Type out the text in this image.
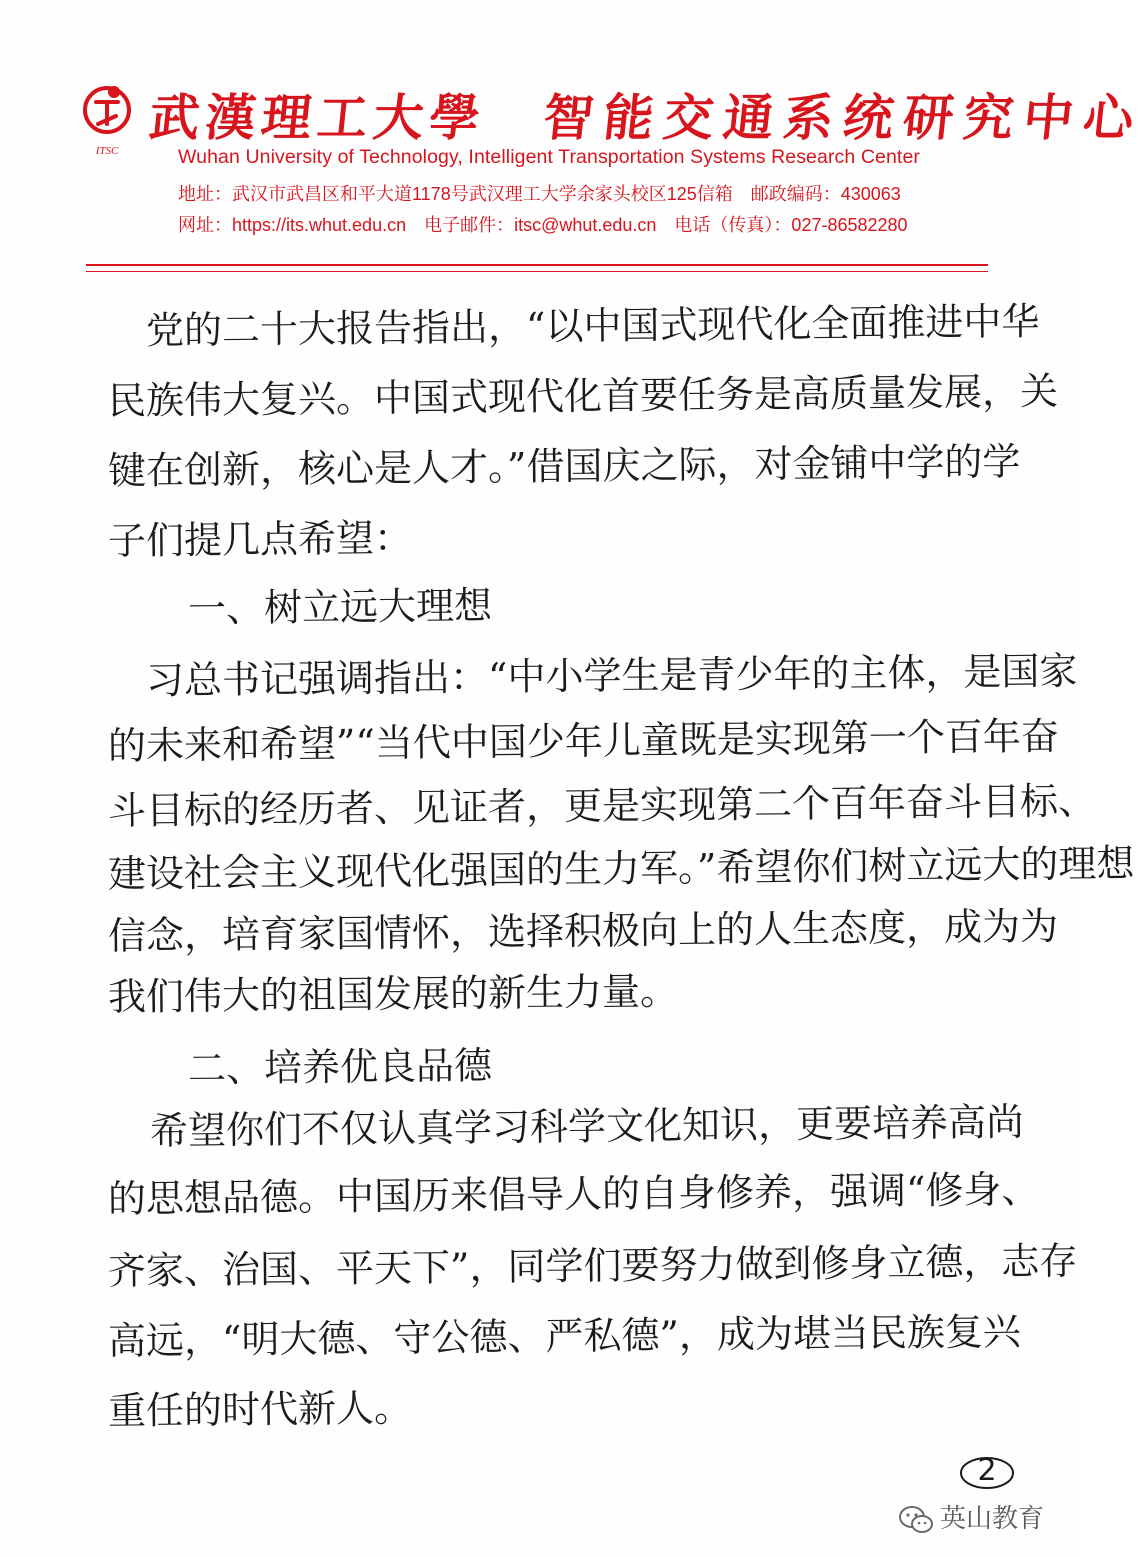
ITSC
武漢理工大學 智能交通系统研究中心
Wuhan University of Technology, Intelligent Transportation Systems Research Center
地址：武汉市武昌区和平大道1178号武汉理工大学余家头校区125信箱　邮政编码：430063
网址：https://its.whut.edu.cn　电子邮件：itsc@whut.edu.cn　电话（传真）：027-86582280
　党的二十大报告指出，“以中国式现代化全面推进中华
民族伟大复兴。中国式现代化首要任务是高质量发展，关
键在创新，核心是人才。”借国庆之际，对金铺中学的学
子们提几点希望：
　一、树立远大理想
　习总书记强调指出：“中小学生是青少年的主体，是国家
的未来和希望”“当代中国少年儿童既是实现第一个百年奋
斗目标的经历者、见证者，更是实现第二个百年奋斗目标、
建设社会主义现代化强国的生力军。”希望你们树立远大的理想
信念，培育家国情怀，选择积极向上的人生态度，成为为
我们伟大的祖国发展的新生力量。
　二、培养优良品德
希望你们不仅认真学习科学文化知识，更要培养高尚
的思想品德。中国历来倡导人的自身修养，强调“修身、
齐家、治国、平天下”，同学们要努力做到修身立德，志存
高远，“明大德、守公德、严私德”，成为堪当民族复兴
重任的时代新人。
2
英山教育
